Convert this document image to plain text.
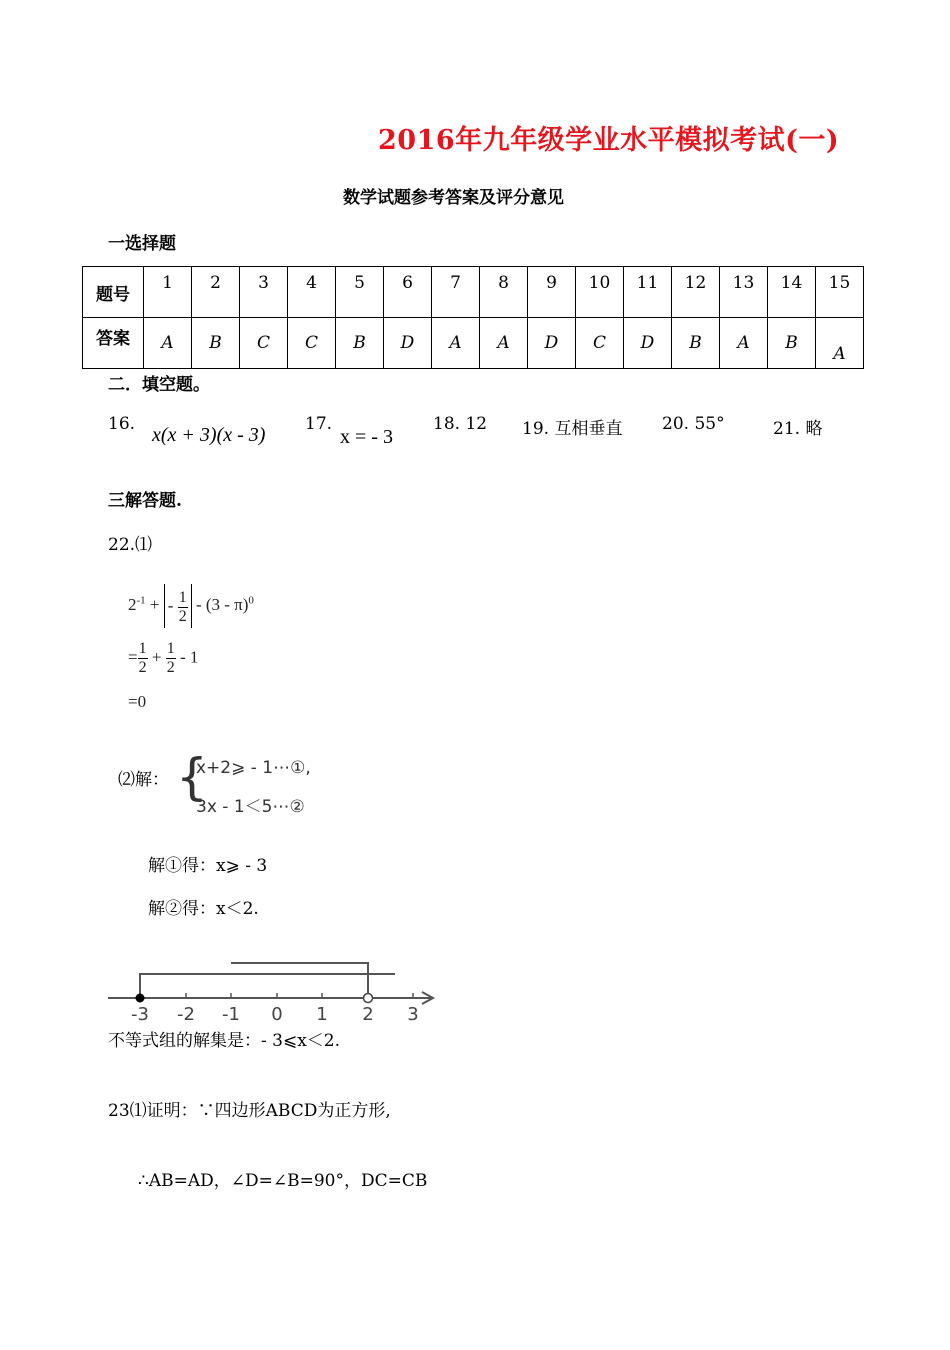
2016年九年级学业水平模拟考试(一)
数学试题参考答案及评分意见
一选择题
题号	1	2	3	4	5	6	7	8	9	10	11	12	13	14	15
答案	A	B	C	C	B	D	A	A	D	C	D	B	A	B	A
二．填空题。
16. x(x + 3)(x - 3) 17.
x = - 3
18. 12 19. 互相垂直 20. 55°	21. 略
三解答题.
22.⑴
$2^{-1}$ + - $\frac{1}{2} - (3 - \pi)^0$
= $\frac{1}{2} + \frac{1}{2} - 1$
=0
⑵解： {
x+2⩾ - 1⋯①,
3x - 1＜5⋯②
解①得：x⩾ - 3
解②得：x＜2.
-3 -2 -1 0 1 2 3
不等式组的解集是：- 3⩽x＜2.
23⑴证明：∵四边形ABCD为正方形,
∴AB=AD，∠D=∠B=90°，DC=CB
